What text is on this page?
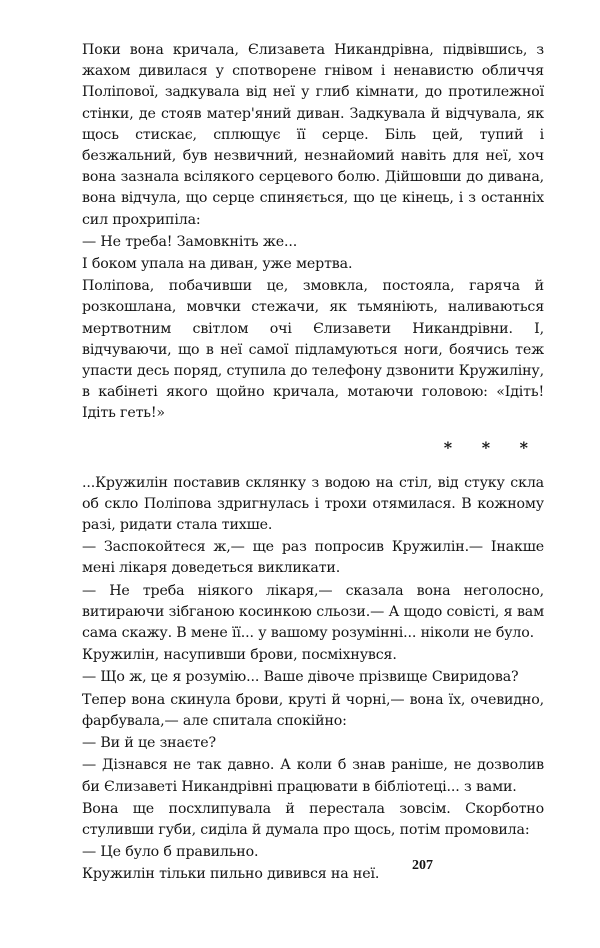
Поки вона кричала, Єлизавета Никандрівна, підвівшись, з жахом дивилася у спотворене гнівом і ненавистю обличчя Поліпової, задкувала від неї у глиб кімнати, до протилежної стінки, де стояв матер'яний диван. Задкувала й відчувала, як щось стискає, сплющує її серце. Біль цей, тупий і безжальний, був незвичний, незнайомий навіть для неї, хоч вона зазнала всілякого серцевого болю. Дійшовши до дивана, вона відчула, що серце спиняється, що це кінець, і з останніх сил прохрипіла:

— Не треба! Замовкніть же...

І боком упала на диван, уже мертва.

Поліпова, побачивши це, змовкла, постояла, гаряча й розкошлана, мовчки стежачи, як тьмяніють, наливаються мертвотним світлом очі Єлизавети Никандрівни. І, відчуваючи, що в неї самої підламуються ноги, боячись теж упасти десь поряд, ступила до телефону дзвонити Кружиліну, в кабінеті якого щойно кричала, мотаючи головою: «Ідіть! Ідіть геть!»

* * *

...Кружилін поставив склянку з водою на стіл, від стуку скла об скло Поліпова здригнулась і трохи отямилася. В кожному разі, ридати стала тихше.

— Заспокойтеся ж,— ще раз попросив Кружилін.— Інакше мені лікаря доведеться викликати.

— Не треба ніякого лікаря,— сказала вона неголосно, витираючи зібганою косинкою сльози.— А щодо совісті, я вам сама скажу. В мене її... у вашому розумінні... ніколи не було.

Кружилін, насупивши брови, посміхнувся.

— Що ж, це я розумію... Ваше дівоче прізвище Свиридова?

Тепер вона скинула брови, круті й чорні,— вона їх, очевидно, фарбувала,— але спитала спокійно:

— Ви й це знаєте?

— Дізнався не так давно. А коли б знав раніше, не дозволив би Єлизаветі Никандрівні працювати в бібліотеці... з вами.

Вона ще посхлипувала й перестала зовсім. Скорботно стуливши губи, сиділа й думала про щось, потім промовила:

— Це було б правильно.

Кружилін тільки пильно дивився на неї.

207
